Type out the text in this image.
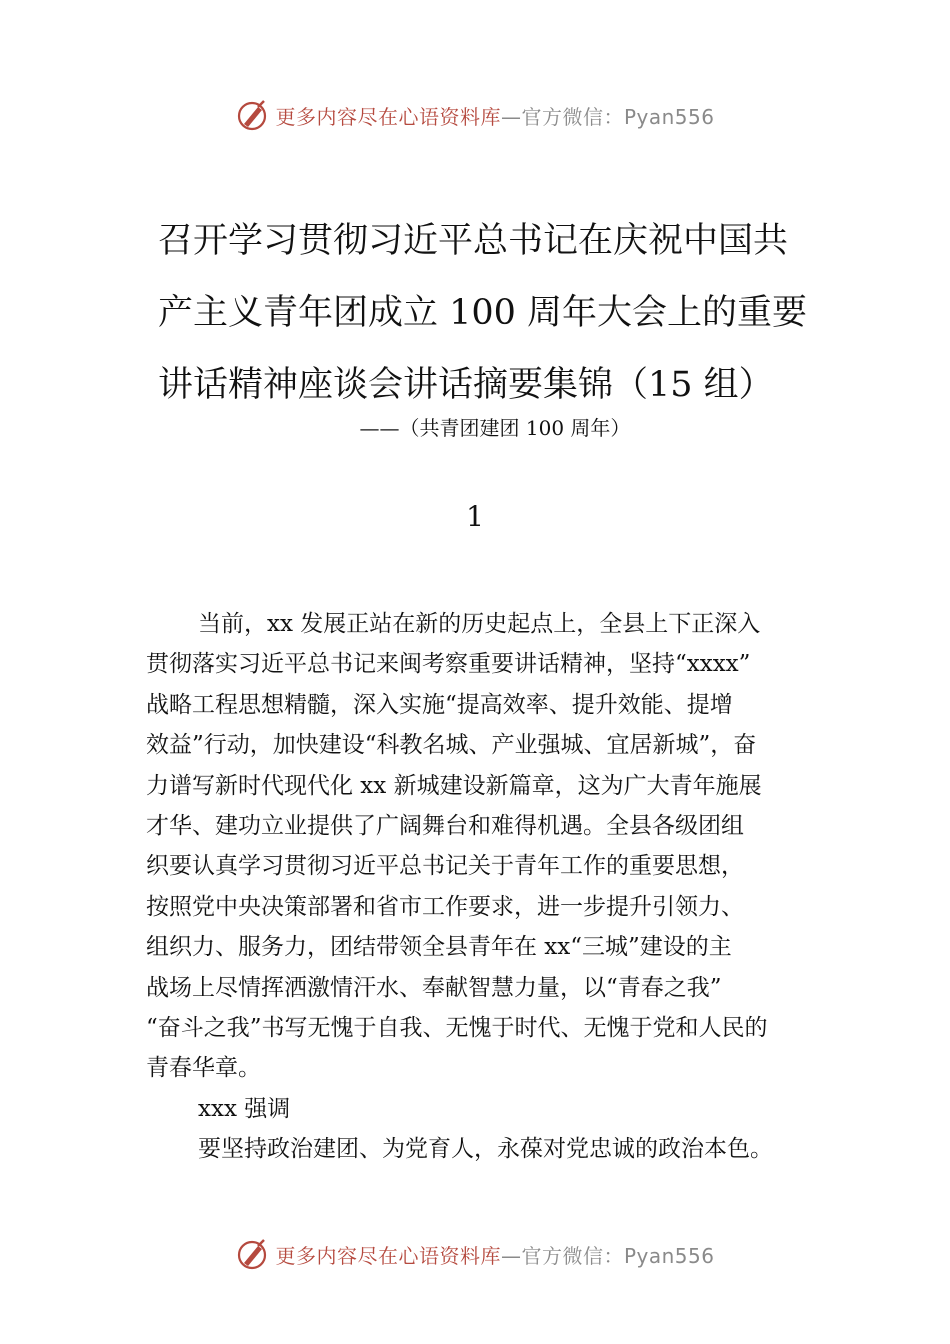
更多内容尽在心语资料库 —官方微信：Pyan556
召开学习贯彻习近平总书记在庆祝中国共
产主义青年团成立 100 周年大会上的重要
讲话精神座谈会讲话摘要集锦（15 组）
——（共青团建团 100 周年）
1
当前，xx 发展正站在新的历史起点上，全县上下正深入
贯彻落实习近平总书记来闽考察重要讲话精神，坚持“xxxx”
战略工程思想精髓，深入实施“提高效率、提升效能、提增
效益”行动，加快建设“科教名城、产业强城、宜居新城”，奋
力谱写新时代现代化 xx 新城建设新篇章，这为广大青年施展
才华、建功立业提供了广阔舞台和难得机遇。全县各级团组
织要认真学习贯彻习近平总书记关于青年工作的重要思想，
按照党中央决策部署和省市工作要求，进一步提升引领力、
组织力、服务力，团结带领全县青年在 xx“三城”建设的主
战场上尽情挥洒激情汗水、奉献智慧力量，以“青春之我”
“奋斗之我”书写无愧于自我、无愧于时代、无愧于党和人民的
青春华章。
xxx 强调
要坚持政治建团、为党育人，永葆对党忠诚的政治本色。
更多内容尽在心语资料库 —官方微信：Pyan556
